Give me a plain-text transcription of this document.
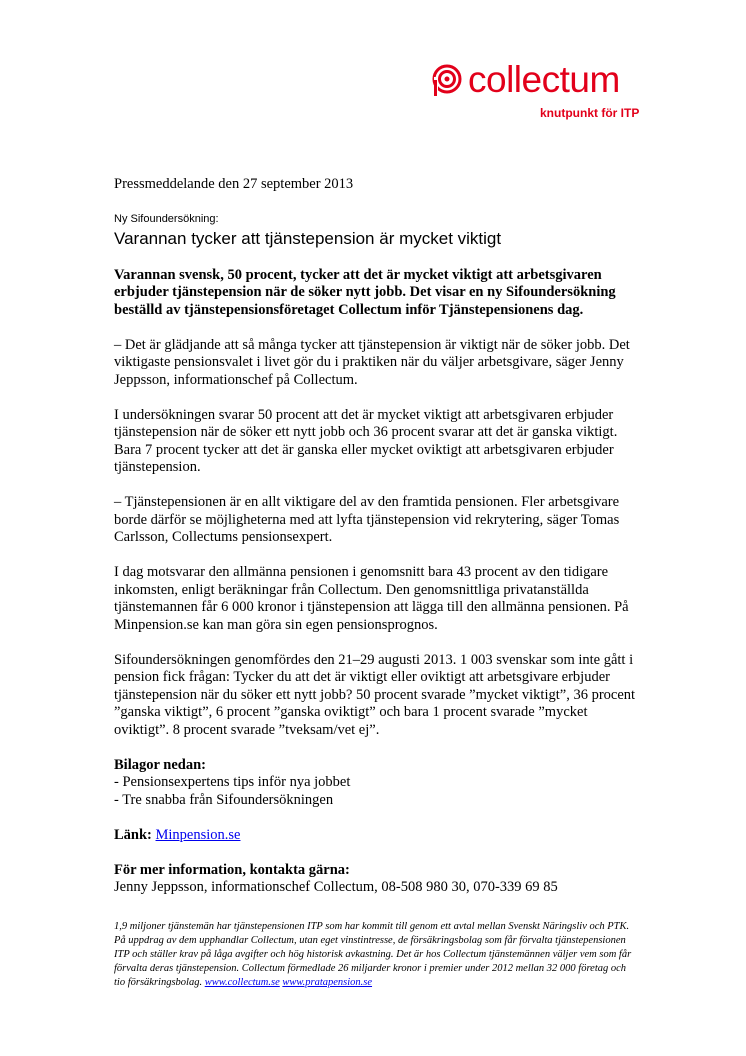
collectum
knutpunkt för ITP
Pressmeddelande den 27 september 2013
Ny Sifoundersökning:
Varannan tycker att tjänstepension är mycket viktigt

Varannan svensk, 50 procent, tycker att det är mycket viktigt att arbetsgivaren erbjuder tjänstepension när de söker nytt jobb. Det visar en ny Sifoundersökning beställd av tjänstepensionsföretaget Collectum inför Tjänstepensionens dag.

– Det är glädjande att så många tycker att tjänstepension är viktigt när de söker jobb. Det viktigaste pensionsvalet i livet gör du i praktiken när du väljer arbetsgivare, säger Jenny Jeppsson, informationschef på Collectum.

I undersökningen svarar 50 procent att det är mycket viktigt att arbetsgivaren erbjuder tjänstepension när de söker ett nytt jobb och 36 procent svarar att det är ganska viktigt. Bara 7 procent tycker att det är ganska eller mycket oviktigt att arbetsgivaren erbjuder tjänstepension.

– Tjänstepensionen är en allt viktigare del av den framtida pensionen. Fler arbetsgivare borde därför se möjligheterna med att lyfta tjänstepension vid rekrytering, säger Tomas Carlsson, Collectums pensionsexpert.

I dag motsvarar den allmänna pensionen i genomsnitt bara 43 procent av den tidigare inkomsten, enligt beräkningar från Collectum. Den genomsnittliga privatanställda tjänstemannen får 6 000 kronor i tjänstepension att lägga till den allmänna pensionen. På Minpension.se kan man göra sin egen pensionsprognos.

Sifoundersökningen genomfördes den 21–29 augusti 2013. 1 003 svenskar som inte gått i pension fick frågan: Tycker du att det är viktigt eller oviktigt att arbetsgivare erbjuder tjänstepension när du söker ett nytt jobb? 50 procent svarade ”mycket viktigt”, 36 procent ”ganska viktigt”, 6 procent ”ganska oviktigt” och bara 1 procent svarade ”mycket oviktigt”. 8 procent svarade ”tveksam/vet ej”.

Bilagor nedan:
- Pensionsexpertens tips inför nya jobbet
- Tre snabba från Sifoundersökningen

Länk: Minpension.se

För mer information, kontakta gärna:
Jenny Jeppsson, informationschef Collectum, 08-508 980 30, 070-339 69 85
1,9 miljoner tjänstemän har tjänstepensionen ITP som har kommit till genom ett avtal mellan Svenskt Näringsliv och PTK. På uppdrag av dem upphandlar Collectum, utan eget vinstintresse, de försäkringsbolag som får förvalta tjänstepensionen ITP och ställer krav på låga avgifter och hög historisk avkastning. Det är hos Collectum tjänstemännen väljer vem som får förvalta deras tjänstepension. Collectum förmedlade 26 miljarder kronor i premier under 2012 mellan 32 000 företag och tio försäkringsbolag. www.collectum.se www.pratapension.se
